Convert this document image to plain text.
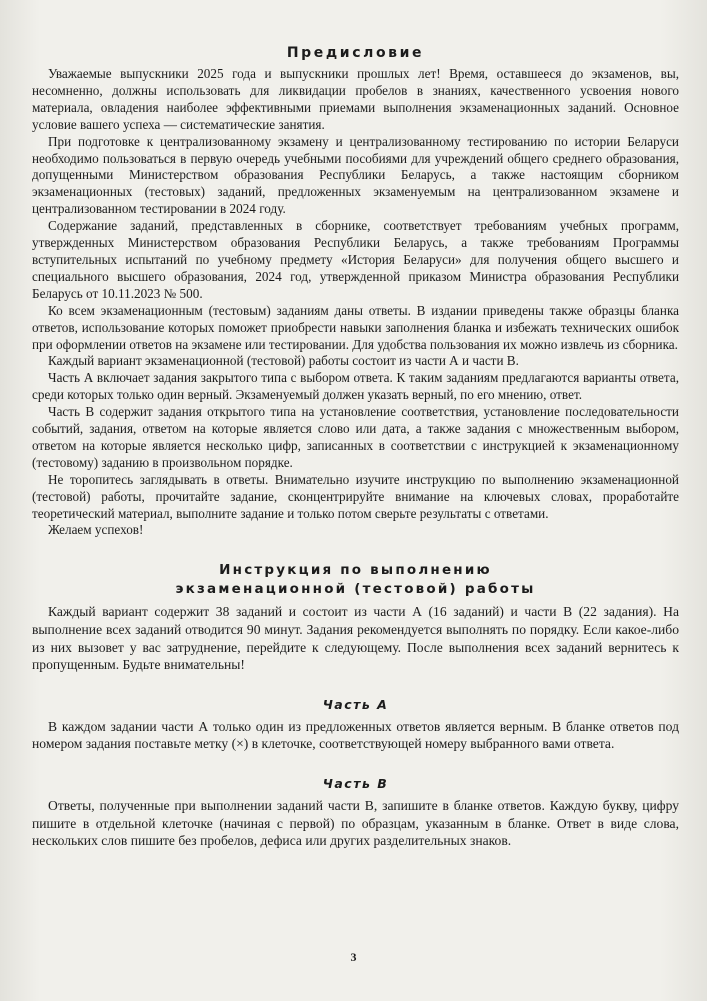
Предисловие

Уважаемые выпускники 2025 года и выпускники прошлых лет! Время, оставшееся до экзаменов, вы, несомненно, должны использовать для ликвидации пробелов в знаниях, качественного усвоения нового материала, овладения наиболее эффективными приемами выполнения экзаменационных заданий. Основное условие вашего успеха — систематические занятия.

При подготовке к централизованному экзамену и централизованному тестированию по истории Беларуси необходимо пользоваться в первую очередь учебными пособиями для учреждений общего среднего образования, допущенными Министерством образования Республики Беларусь, а также настоящим сборником экзаменационных (тестовых) заданий, предложенных экзаменуемым на централизованном экзамене и централизованном тестировании в 2024 году.

Содержание заданий, представленных в сборнике, соответствует требованиям учебных программ, утвержденных Министерством образования Республики Беларусь, а также требованиям Программы вступительных испытаний по учебному предмету «История Беларуси» для получения общего высшего и специального высшего образования, 2024 год, утвержденной приказом Министра образования Республики Беларусь от 10.11.2023 № 500.

Ко всем экзаменационным (тестовым) заданиям даны ответы. В издании приведены также образцы бланка ответов, использование которых поможет приобрести навыки заполнения бланка и избежать технических ошибок при оформлении ответов на экзамене или тестировании. Для удобства пользования их можно извлечь из сборника.

Каждый вариант экзаменационной (тестовой) работы состоит из части А и части В.

Часть А включает задания закрытого типа с выбором ответа. К таким заданиям предлагаются варианты ответа, среди которых только один верный. Экзаменуемый должен указать верный, по его мнению, ответ.

Часть В содержит задания открытого типа на установление соответствия, установление последовательности событий, задания, ответом на которые является слово или дата, а также задания с множественным выбором, ответом на которые является несколько цифр, записанных в соответствии с инструкцией к экзаменационному (тестовому) заданию в произвольном порядке.

Не торопитесь заглядывать в ответы. Внимательно изучите инструкцию по выполнению экзаменационной (тестовой) работы, прочитайте задание, сконцентрируйте внимание на ключевых словах, проработайте теоретический материал, выполните задание и только потом сверьте результаты с ответами.

Желаем успехов!

Инструкция по выполнению
экзаменационной (тестовой) работы

Каждый вариант содержит 38 заданий и состоит из части А (16 заданий) и части В (22 задания). На выполнение всех заданий отводится 90 минут. Задания рекомендуется выполнять по порядку. Если какое-либо из них вызовет у вас затруднение, перейдите к следующему. После выполнения всех заданий вернитесь к пропущенным. Будьте внимательны!

Часть А

В каждом задании части А только один из предложенных ответов является верным. В бланке ответов под номером задания поставьте метку (×) в клеточке, соответствующей номеру выбранного вами ответа.

Часть В

Ответы, полученные при выполнении заданий части В, запишите в бланке ответов. Каждую букву, цифру пишите в отдельной клеточке (начиная с первой) по образцам, указанным в бланке. Ответ в виде слова, нескольких слов пишите без пробелов, дефиса или других разделительных знаков.

3
